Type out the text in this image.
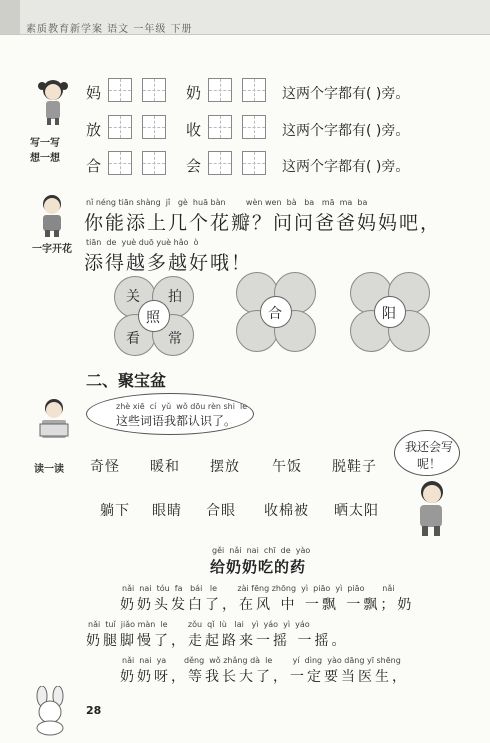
素质教育新学案 语文 一年级 下册
写一写
想一想
妈	奶	这两个字都有( )旁。
放	收	这两个字都有( )旁。
合	会	这两个字都有( )旁。
一字开花
nǐ néng tiān shàng  jǐ   gè  huā bàn        wèn wen  bà   ba   mā  ma  ba
你能添上几个花瓣？问问爸爸妈妈吧，
tiān  de  yuè duō yuè hǎo  ò
添得越多越好哦！
关 拍
看 常
照	合	阳
二、聚宝盆
读一读
zhè xiē  cí  yǔ  wǒ dōu rèn shi  le
这些词语我都认识了。
我还会写呢！
奇怪 暖和 摆放 午饭 脱鞋子
躺下 眼睛 合眼 收棉被 晒太阳
gěi  nǎi  nai  chī  de  yào
给奶奶吃的药
nǎi  nai  tóu  fa   bái   le        zài fēng zhōng  yì  piāo  yì  piāo       nǎi
奶奶头发白了，在风 中 一飘 一飘；奶
nǎi  tuǐ  jiǎo màn  le        zǒu  qǐ  lù   lai   yì  yáo  yì  yáo
奶腿脚慢了，走起路来一摇 一摇。
nǎi  nai  ya       děng  wǒ zhǎng dà  le        yí  dìng  yào dāng yī shēng
奶奶呀，等我长大了，一定要当医生，
28
